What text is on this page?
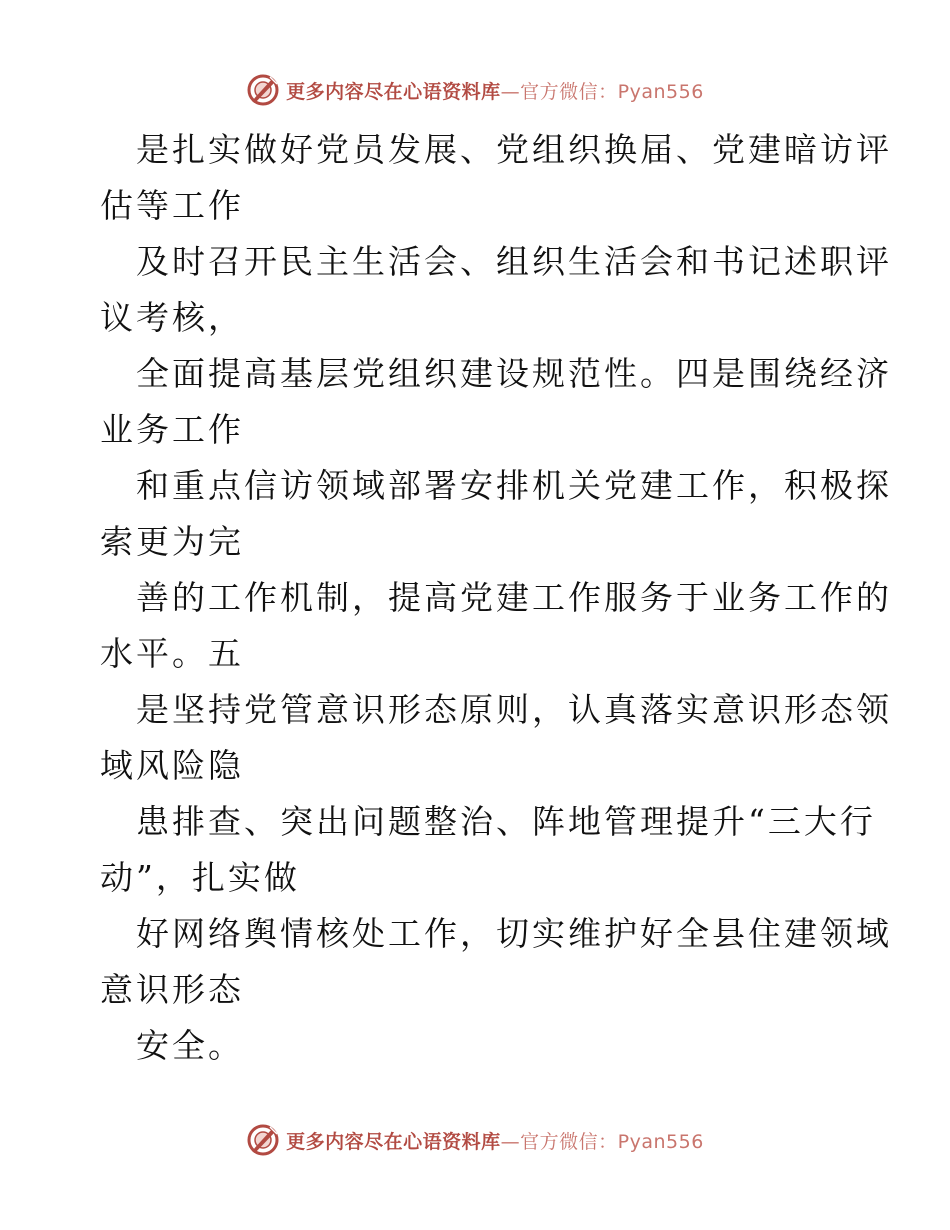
更多内容尽在心语资料库—官方微信：Pyan556
是扎实做好党员发展、党组织换届、党建暗访评
估等工作
及时召开民主生活会、组织生活会和书记述职评
议考核，
全面提高基层党组织建设规范性。四是围绕经济
业务工作
和重点信访领域部署安排机关党建工作，积极探
索更为完
善的工作机制，提高党建工作服务于业务工作的
水平。五
是坚持党管意识形态原则，认真落实意识形态领
域风险隐
患排查、突出问题整治、阵地管理提升“三大行
动”，扎实做
好网络舆情核处工作，切实维护好全县住建领域
意识形态
安全。
更多内容尽在心语资料库—官方微信：Pyan556
